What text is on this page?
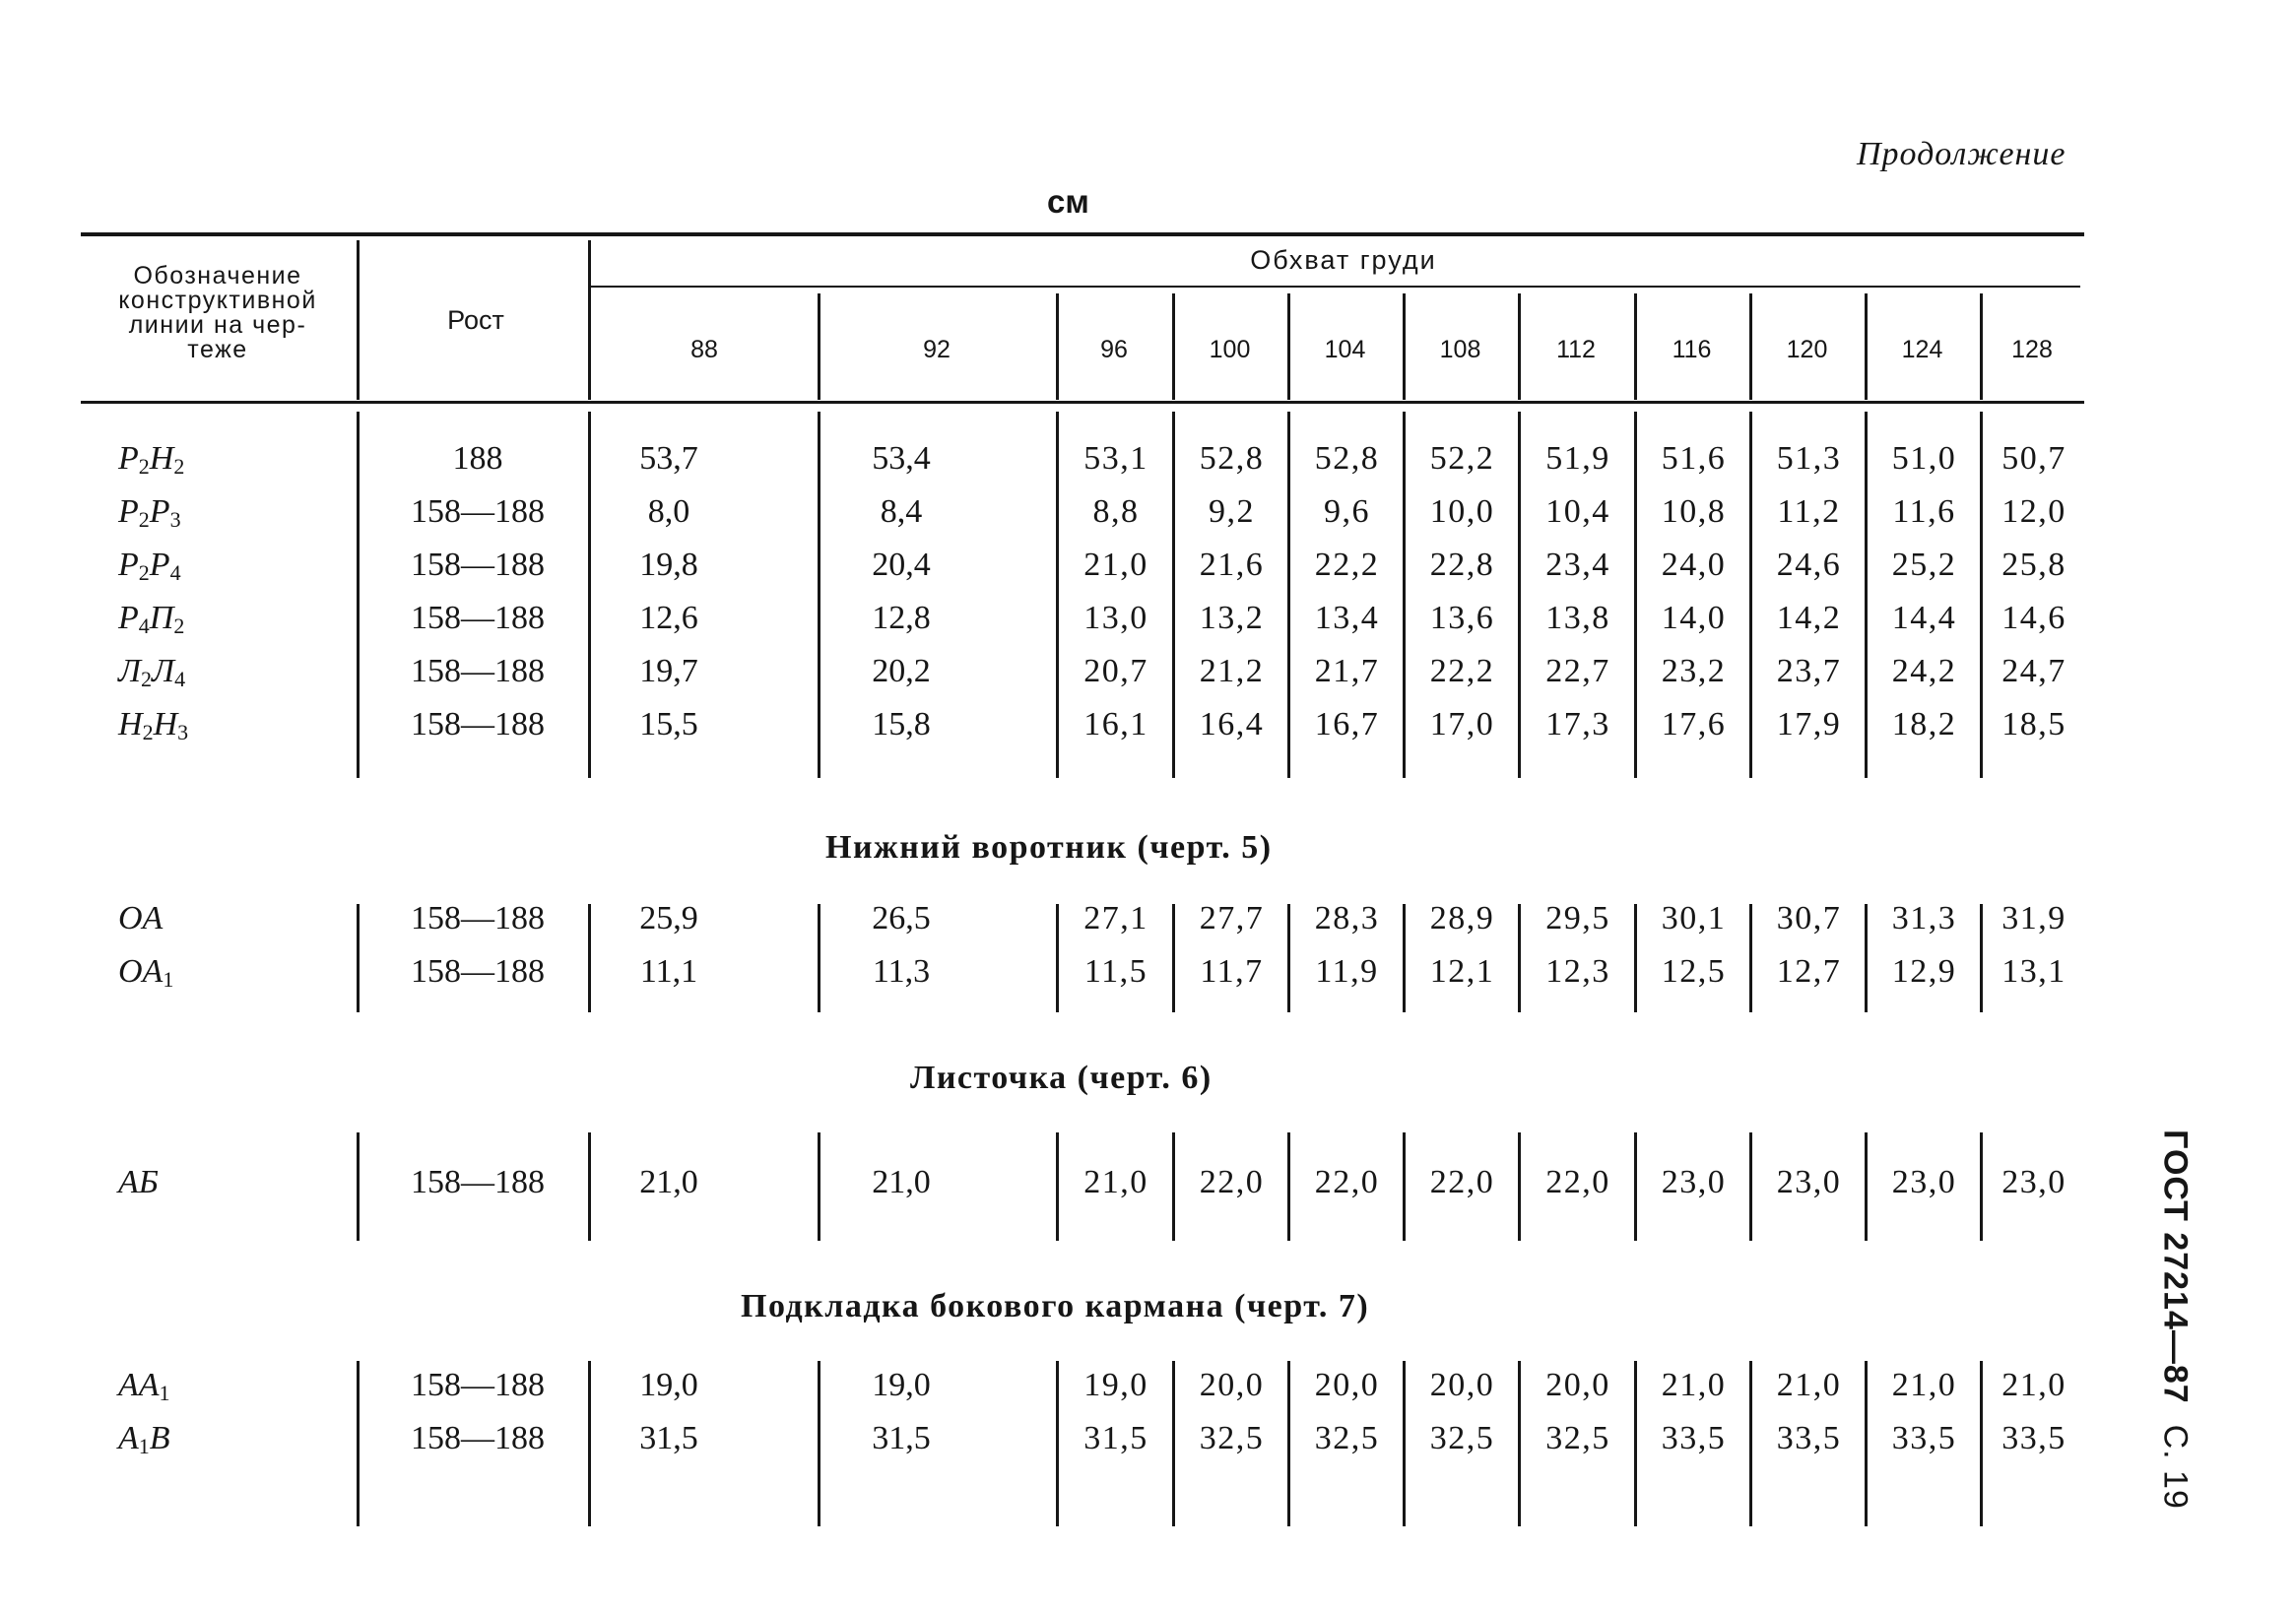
Продолжение
см
ГОСТ 27214—87  С. 19
Обозначение
конструктивной
линии на чер-
теже
Рост
Обхват груди
88	92	96	100	104	108	112	116	120	124	128
$P_2H_2$	188	53,7	53,4	53,1	52,8	52,8	52,2	51,9	51,6	51,3	51,0	50,7
$P_2P_3$	158—188	8,0	8,4	8,8	9,2	9,6	10,0	10,4	10,8	11,2	11,6	12,0
$P_2P_4$	158—188	19,8	20,4	21,0	21,6	22,2	22,8	23,4	24,0	24,6	25,2	25,8
$P_4П_2$	158—188	12,6	12,8	13,0	13,2	13,4	13,6	13,8	14,0	14,2	14,4	14,6
$Л_2Л_4$	158—188	19,7	20,2	20,7	21,2	21,7	22,2	22,7	23,2	23,7	24,2	24,7
$H_2H_3$	158—188	15,5	15,8	16,1	16,4	16,7	17,0	17,3	17,6	17,9	18,2	18,5
Нижний воротник (черт. 5)
OA	158—188	25,9	26,5	27,1	27,7	28,3	28,9	29,5	30,1	30,7	31,3	31,9
$OA_1$	158—188	11,1	11,3	11,5	11,7	11,9	12,1	12,3	12,5	12,7	12,9	13,1
Листочка (черт. 6)
АБ	158—188	21,0	21,0	21,0	22,0	22,0	22,0	22,0	23,0	23,0	23,0	23,0
Подкладка бокового кармана (черт. 7)
$AA_1$	158—188	19,0	19,0	19,0	20,0	20,0	20,0	20,0	21,0	21,0	21,0	21,0
$A_1B$	158—188	31,5	31,5	31,5	32,5	32,5	32,5	32,5	33,5	33,5	33,5	33,5
